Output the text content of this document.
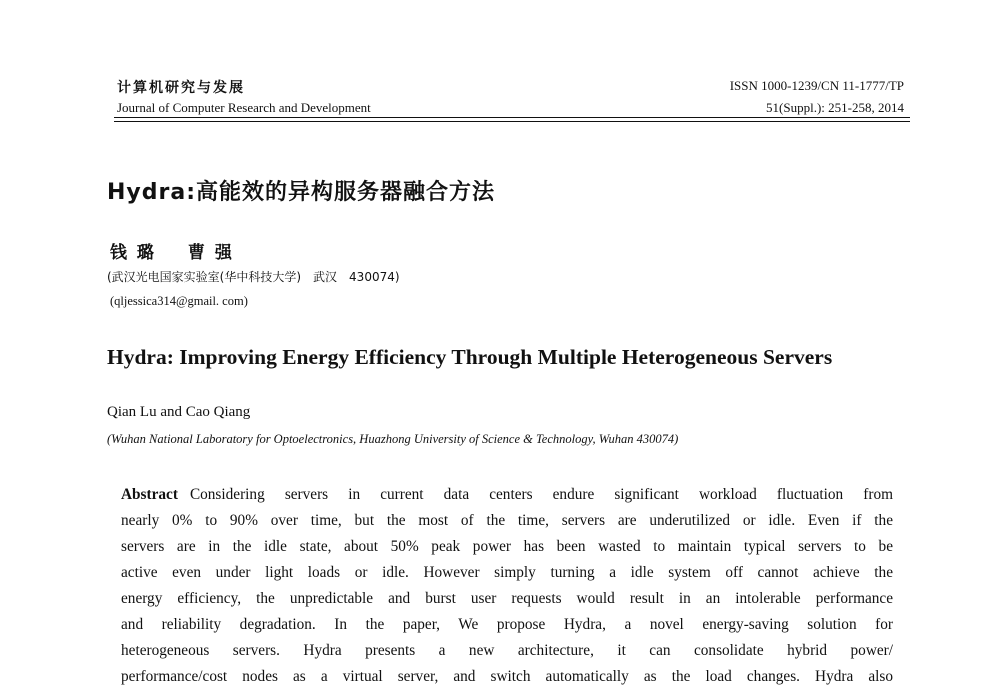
计算机研究与发展
Journal of Computer Research and Development
ISSN 1000-1239/CN 11-1777/TP
51(Suppl.): 251-258, 2014
Hydra:高能效的异构服务器融合方法
钱 璐　　曹 强
(武汉光电国家实验室(华中科技大学)　武汉　430074)
(qljessica314@gmail. com)
Hydra: Improving Energy Efficiency Through Multiple Heterogeneous Servers
Qian Lu and Cao Qiang
(Wuhan National Laboratory for Optoelectronics, Huazhong University of Science & Technology, Wuhan 430074)
Abstract Considering servers in current data centers endure significant workload fluctuation from
nearly 0% to 90% over time, but the most of the time, servers are underutilized or idle. Even if the
servers are in the idle state, about 50% peak power has been wasted to maintain typical servers to be
active even under light loads or idle. However simply turning a idle system off cannot achieve the
energy efficiency, the unpredictable and burst user requests would result in an intolerable performance
and reliability degradation. In the paper, We propose Hydra, a novel energy-saving solution for
heterogeneous servers. Hydra presents a new architecture, it can consolidate hybrid power/
performance/cost nodes as a virtual server, and switch automatically as the load changes. Hydra also
